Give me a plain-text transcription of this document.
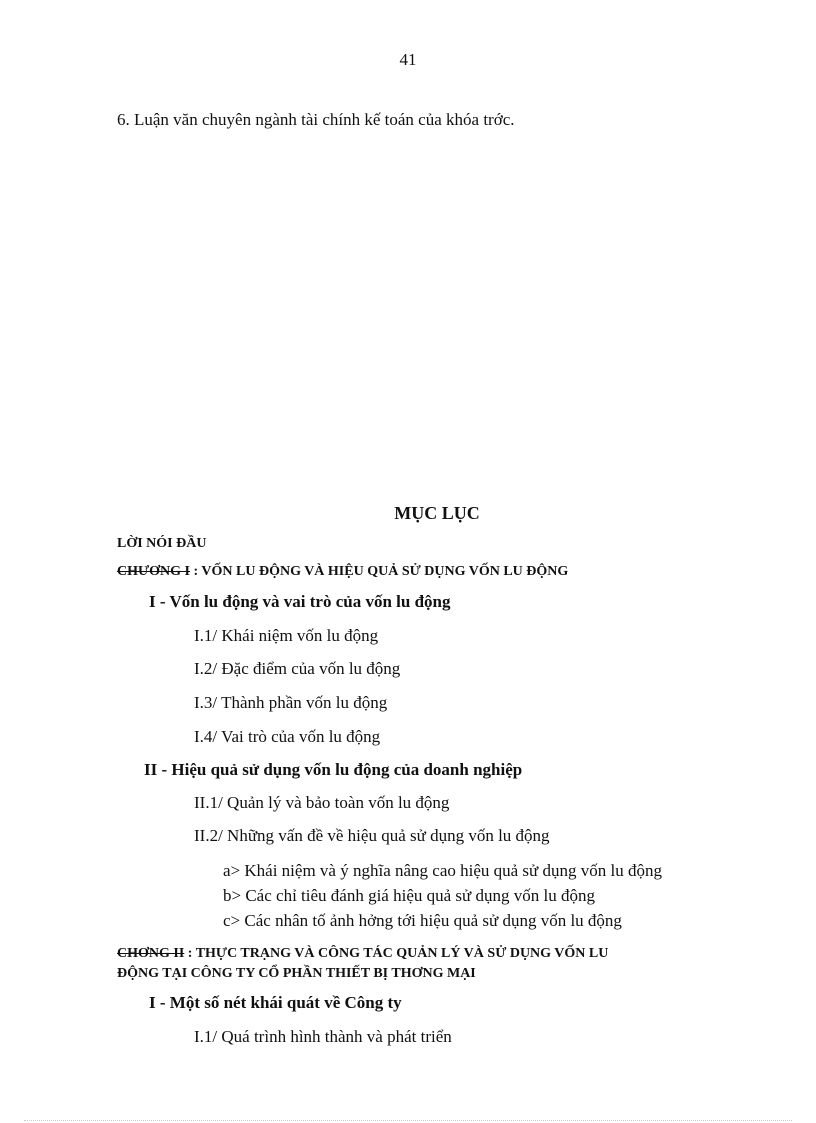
41
6. Luận văn chuyên ngành tài chính kế toán của khóa trớc.
MỤC LỤC
LỜI NÓI ĐẦU
CHƯƠNG I : VỐN LU ĐỘNG VÀ HIỆU QUẢ SỬ DỤNG VỐN LU ĐỘNG
I - Vốn lu động và vai trò của vốn lu động
I.1/ Khái niệm vốn lu động
I.2/ Đặc điểm của vốn lu động
I.3/ Thành phần vốn lu động
I.4/ Vai trò của vốn lu động
II - Hiệu quả sử dụng vốn lu động của doanh nghiệp
II.1/ Quản lý và bảo toàn vốn lu động
II.2/ Những vấn đề về hiệu quả sử dụng vốn lu động
a> Khái niệm và ý nghĩa nâng cao hiệu quả sử dụng vốn lu động
b> Các chỉ tiêu đánh giá hiệu quả sử dụng vốn lu động
c> Các nhân tố ảnh hởng tới hiệu quả sử dụng vốn lu động
CHƠNG II : THỰC TRẠNG VÀ CÔNG TÁC QUẢN LÝ VÀ SỬ DỤNG VỐN LU
ĐỘNG TẠI CÔNG TY CỔ PHẦN THIẾT BỊ THƠNG MẠI
I - Một số nét khái quát về Công ty
I.1/ Quá trình hình thành và phát triển
